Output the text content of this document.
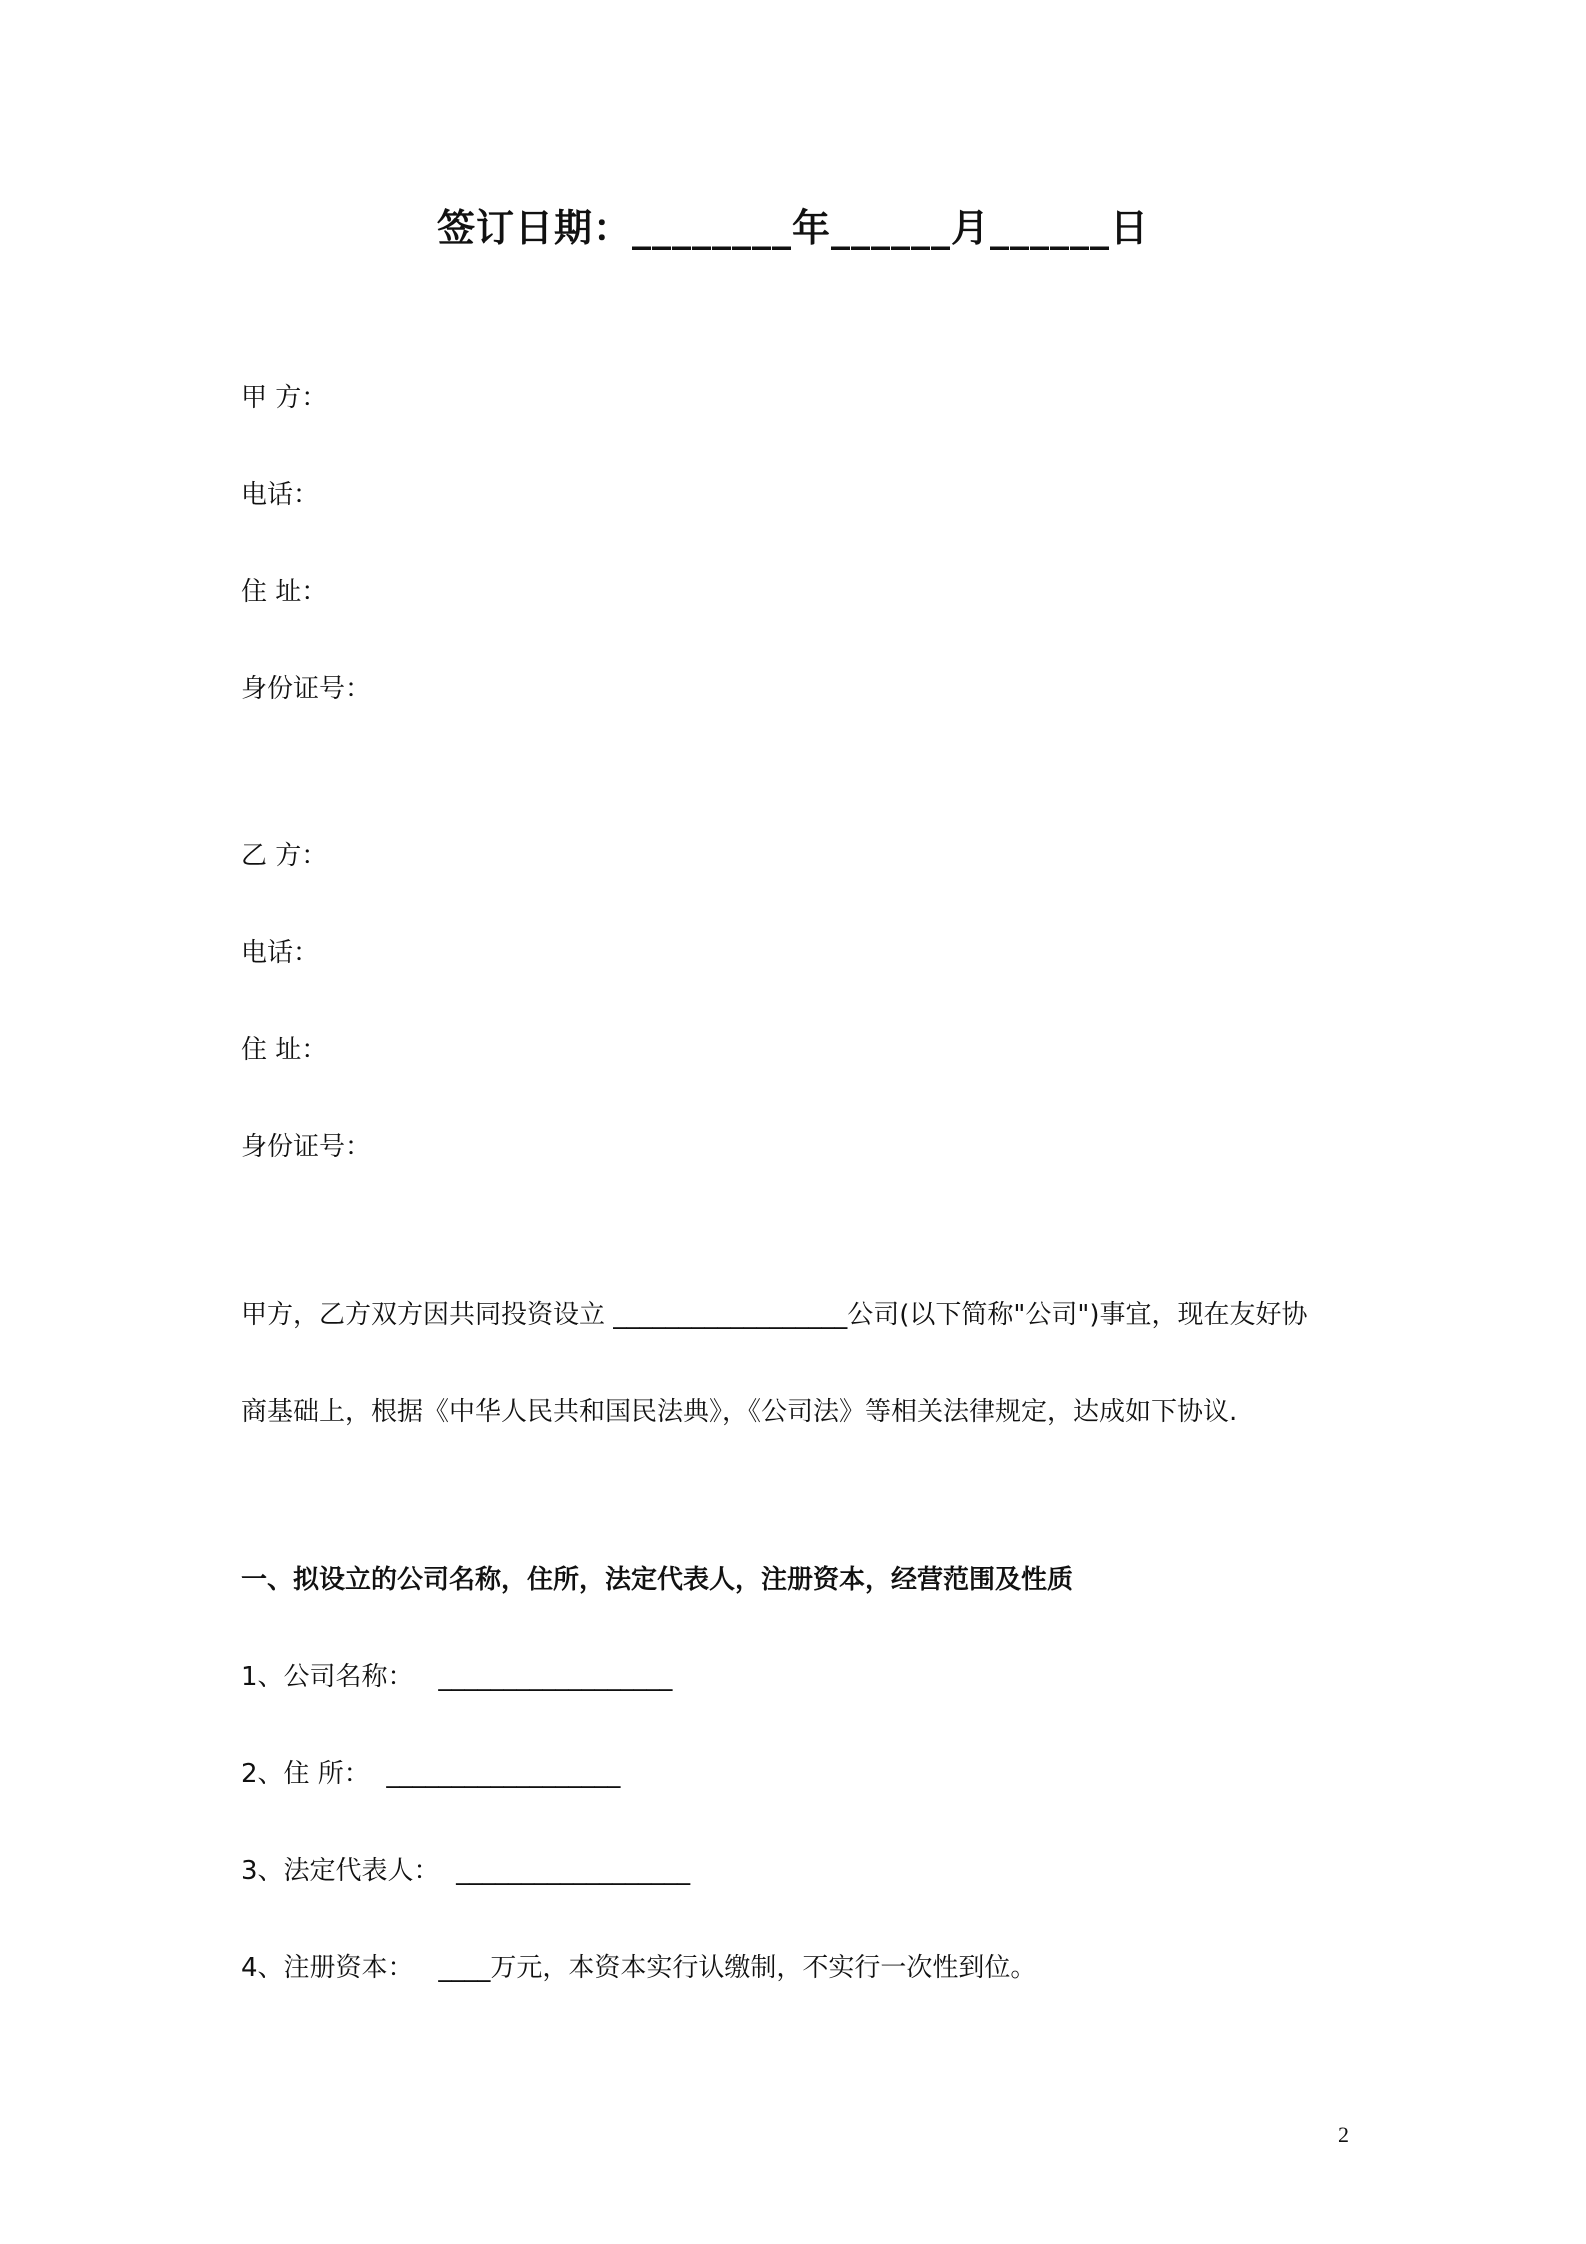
签订日期：________年______月______日
甲 方：
电话：
住 址：
身份证号：
乙 方：
电话：
住 址：
身份证号：
甲方，乙方双方因共同投资设立 __________________公司(以下简称"公司")事宜，现在友好协
商基础上，根据《中华人民共和国民法典》，《公司法》等相关法律规定，达成如下协议.
一、拟设立的公司名称，住所，法定代表人，注册资本，经营范围及性质
1、公司名称：   __________________
2、住 所：  __________________
3、法定代表人：  __________________
4、注册资本：   ____万元，本资本实行认缴制，不实行一次性到位。
2
